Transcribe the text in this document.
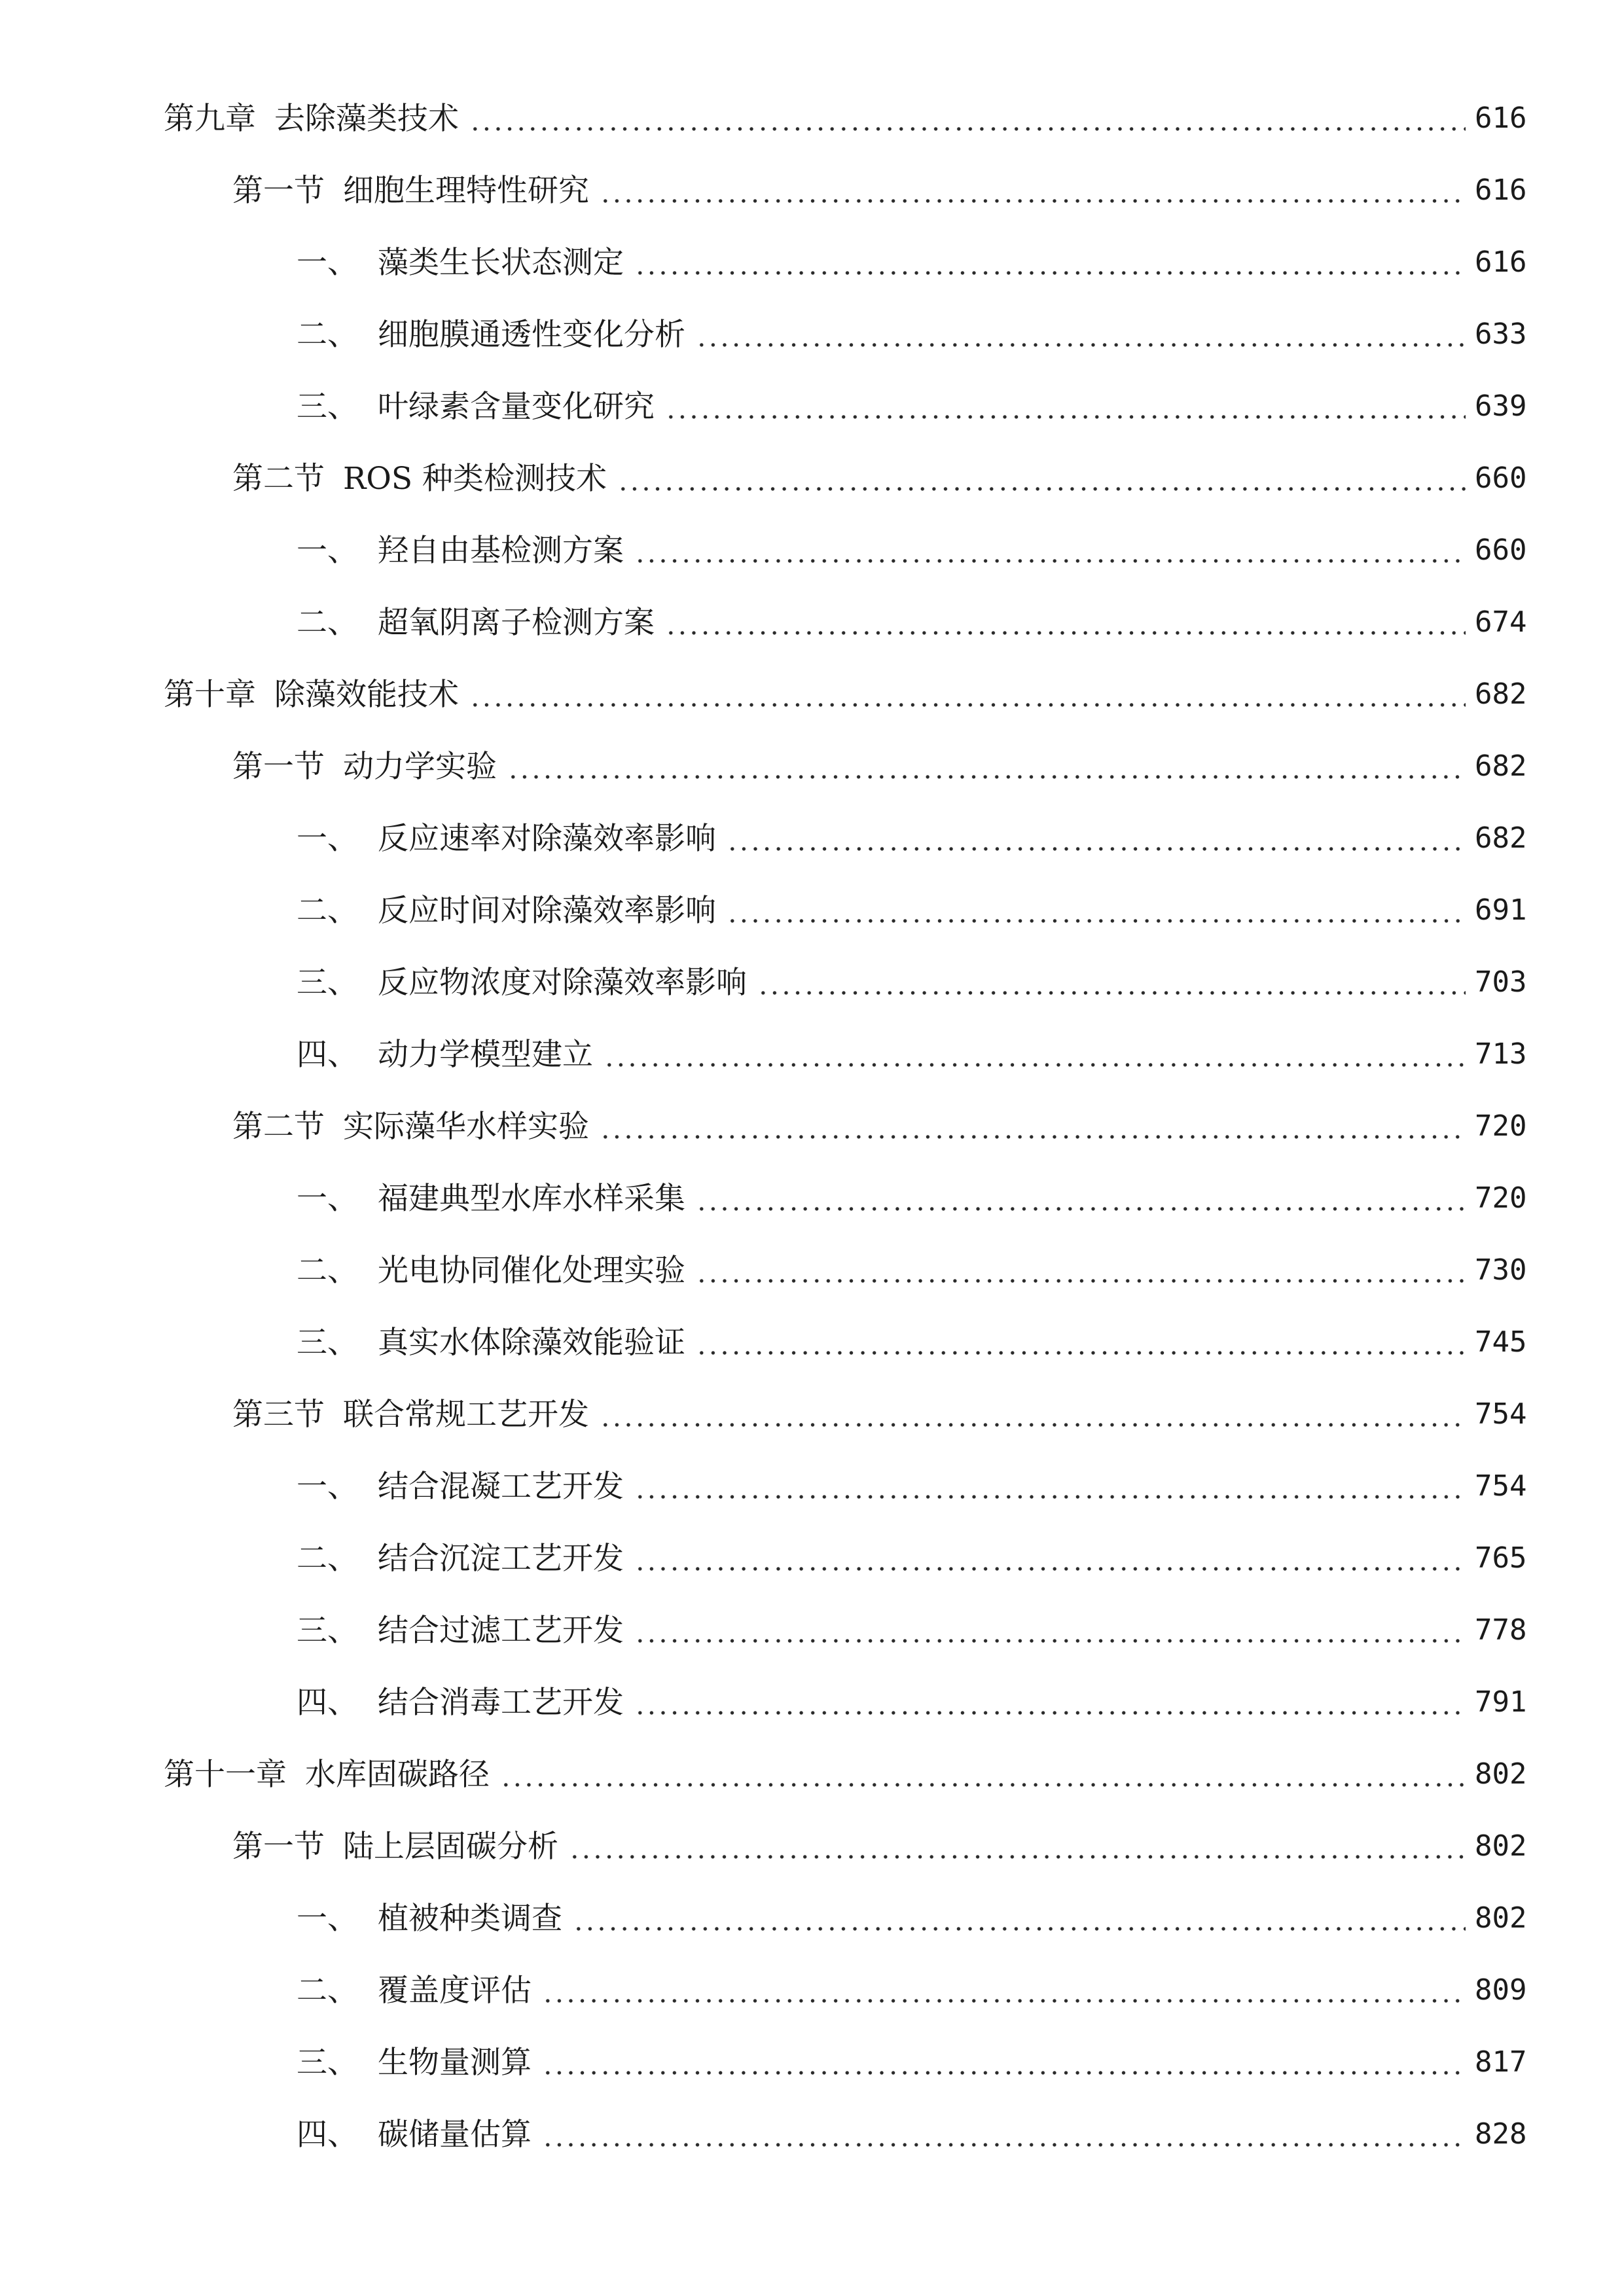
第九章 去除藻类技术	616
第一节 细胞生理特性研究	616
一、 藻类生长状态测定	616
二、 细胞膜通透性变化分析	633
三、 叶绿素含量变化研究	639
第二节 ROS 种类检测技术	660
一、 羟自由基检测方案	660
二、 超氧阴离子检测方案	674
第十章 除藻效能技术	682
第一节 动力学实验	682
一、 反应速率对除藻效率影响	682
二、 反应时间对除藻效率影响	691
三、 反应物浓度对除藻效率影响	703
四、 动力学模型建立	713
第二节 实际藻华水样实验	720
一、 福建典型水库水样采集	720
二、 光电协同催化处理实验	730
三、 真实水体除藻效能验证	745
第三节 联合常规工艺开发	754
一、 结合混凝工艺开发	754
二、 结合沉淀工艺开发	765
三、 结合过滤工艺开发	778
四、 结合消毒工艺开发	791
第十一章 水库固碳路径	802
第一节 陆上层固碳分析	802
一、 植被种类调查	802
二、 覆盖度评估	809
三、 生物量测算	817
四、 碳储量估算	828
